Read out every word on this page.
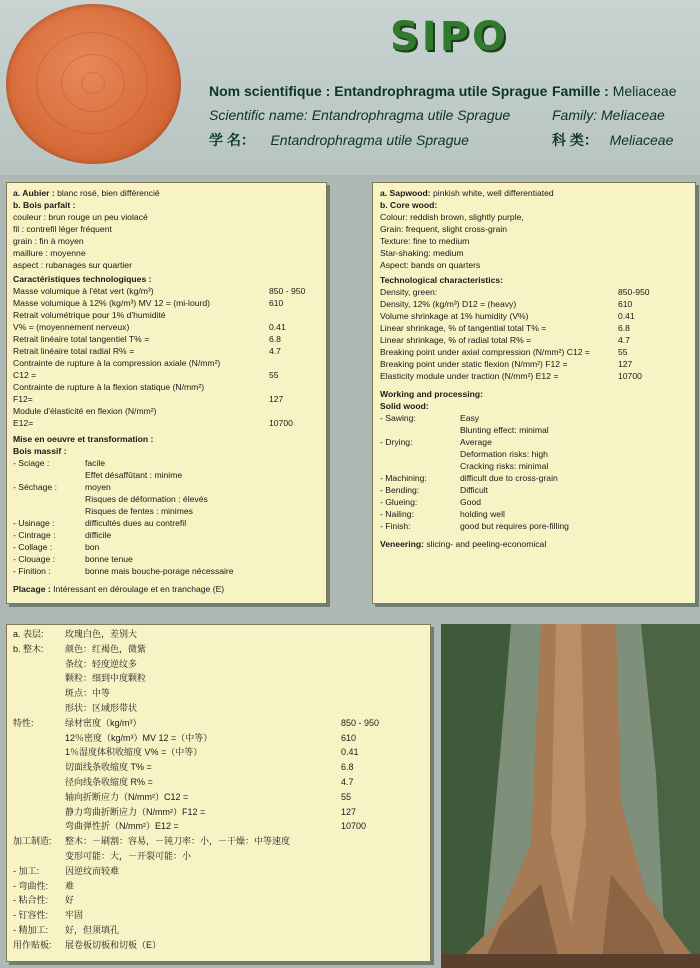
SIPO
Nom scientifique : Entandrophragma utile Sprague Famille : Meliaceae
Scientific name: Entandrophragma utile Sprague	Family: Meliaceae
学 名： Entandrophragma utile Sprague	科 类： Meliaceae
a. Aubier : blanc rosé, bien différencié
b. Bois parfait :
couleur : brun rouge un peu violacé
fil : contrefil léger fréquent
grain : fin à moyen
maillure : moyenne
aspect : rubanages sur quartier
Caractéristiques technologiques :
Masse volumique à l'état vert (kg/m³)	850 - 950
Masse volumique à 12% (kg/m³) MV 12 = (mi-lourd)	610
Retrait volumétrique pour 1% d'humidité
V% = (moyennement nerveux)	0.41
Retrait linéaire total tangentiel T% =	6.8
Retrait linéaire total radial R% =	4.7
Contrainte de rupture à la compression axiale (N/mm²)
C12 =	55
Contrainte de rupture à la flexion statique (N/mm²)
F12=	127
Module d'élasticité en flexion (N/mm²)
E12=	10700
Mise en oeuvre et transformation :
Bois massif :
- Sciage :	facile
Effet désaffûtant : minime
- Séchage :	moyen
Risques de déformation : élevés
Risques de fentes : minimes
- Usinage :	difficultés dues au contrefil
- Cintrage :	difficile
- Collage :	bon
- Clouage :	bonne tenue
- Finition :	bonne mais bouche-porage nécessaire
Placage : Intéressant en déroulage et en tranchage (E)
a. Sapwood: pinkish white, well differentiated
b. Core wood:
Colour: reddish brown, slightly purple,
Grain: frequent, slight cross-grain
Texture: fine to medium
Star-shaking: medium
Aspect: bands on quarters
Technological characteristics:
Density, green:	850-950
Density, 12% (kg/m³) D12 = (heavy)	610
Volume shrinkage at 1% humidity (V%)	0.41
Linear shrinkage, % of tangential total T% =	6.8
Linear shrinkage, % of radial total R% =	4.7
Breaking point under axial compression (N/mm²) C12 =	55
Breaking point under static flexion (N/mm²) F12 =	127
Elasticity module under traction (N/mm²) E12 =	10700
Working and processing:
Solid wood:
- Sawing:	Easy
Blunting effect: minimal
- Drying:	Average
Deformation risks: high
Cracking risks: minimal
- Machining:	difficult due to cross-grain
- Bending:	Difficult
- Glueing:	Good
- Nailing:	holding well
- Finish:	good but requires pore-filling
Veneering: slicing- and peeling-economical
a. 表层: 玫瑰白色，差别大
b. 整木: 颜色：红褐色，微紫
条纹：轻度逆纹多
颗粒：细到中度颗粒
斑点：中等
形状：区域形带状
特性:	绿材密度（kg/m³）	850 - 950
12％密度（kg/m³）MV 12 =（中等）	610
1％湿度体积收缩度 V% =（中等）	0.41
切面线条收缩度 T% =	6.8
径向线条收缩度 R% =	4.7
轴向折断应力（N/mm²）C12 =	55
静力弯曲折断应力（N/mm²）F12 =	127
弯曲弹性折（N/mm²）E12 =	10700
加工制造: 整木：－刷割：容易，－钝刀率：小，－干燥：中等速度
变形可能：大，－开裂可能：小
- 加工:	因逆纹而较难
- 弯曲性: 难
- 粘合性: 好
- 钉容性: 牢固
- 精加工: 好，但须填孔
用作贴板: 展卷板切板和切板（E）
